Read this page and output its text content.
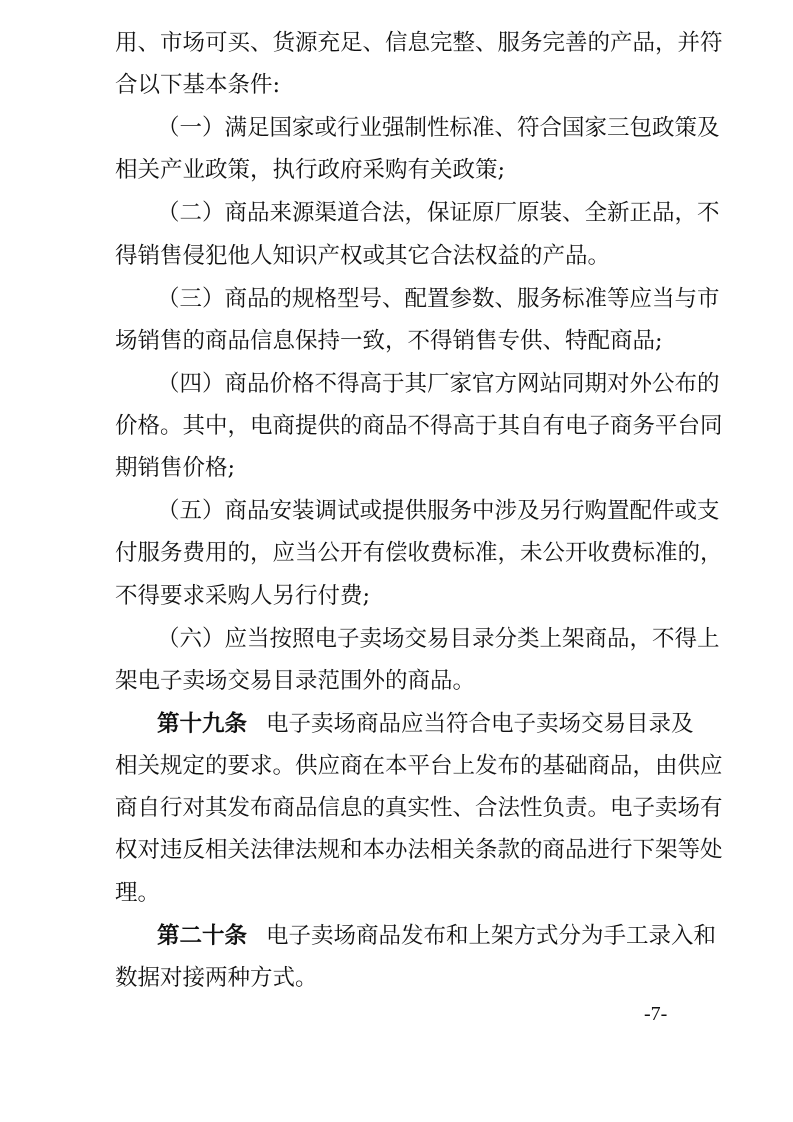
用、市场可买、货源充足、信息完整、服务完善的产品，并符
合以下基本条件:
（一）满足国家或行业强制性标准、符合国家三包政策及
相关产业政策，执行政府采购有关政策;
（二）商品来源渠道合法，保证原厂原装、全新正品，不
得销售侵犯他人知识产权或其它合法权益的产品。
（三）商品的规格型号、配置参数、服务标准等应当与市
场销售的商品信息保持一致，不得销售专供、特配商品;
（四）商品价格不得高于其厂家官方网站同期对外公布的
价格。其中，电商提供的商品不得高于其自有电子商务平台同
期销售价格;
（五）商品安装调试或提供服务中涉及另行购置配件或支
付服务费用的，应当公开有偿收费标准，未公开收费标准的，
不得要求采购人另行付费;
（六）应当按照电子卖场交易目录分类上架商品，不得上
架电子卖场交易目录范围外的商品。
第十九条 电子卖场商品应当符合电子卖场交易目录及
相关规定的要求。供应商在本平台上发布的基础商品，由供应
商自行对其发布商品信息的真实性、合法性负责。电子卖场有
权对违反相关法律法规和本办法相关条款的商品进行下架等处
理。
第二十条 电子卖场商品发布和上架方式分为手工录入和
数据对接两种方式。
-7-
